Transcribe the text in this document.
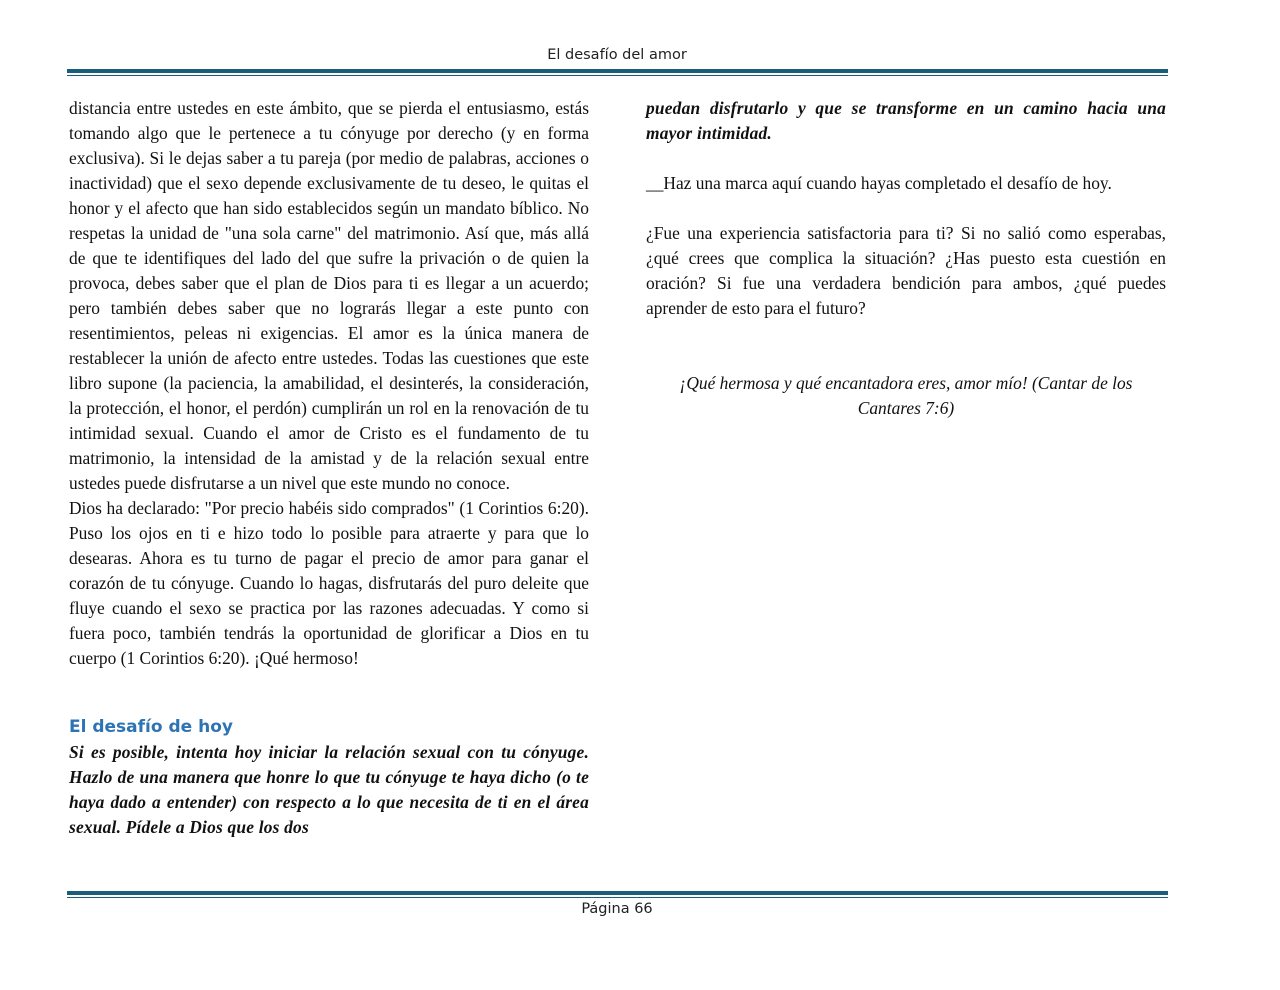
El desafío del amor

distancia entre ustedes en este ámbito, que se pierda el entusiasmo, estás tomando algo que le pertenece a tu cónyuge por derecho (y en forma exclusiva). Si le dejas saber a tu pareja (por medio de palabras, acciones o inactividad) que el sexo depende exclusivamente de tu deseo, le quitas el honor y el afecto que han sido establecidos según un mandato bíblico. No respetas la unidad de "una sola carne" del matrimonio. Así que, más allá de que te identifiques del lado del que sufre la privación o de quien la provoca, debes saber que el plan de Dios para ti es llegar a un acuerdo; pero también debes saber que no lograrás llegar a este punto con resentimientos, peleas ni exigencias. El amor es la única manera de restablecer la unión de afecto entre ustedes. Todas las cuestiones que este libro supone (la paciencia, la amabilidad, el desinterés, la consideración, la protección, el honor, el perdón) cumplirán un rol en la renovación de tu intimidad sexual. Cuando el amor de Cristo es el fundamento de tu matrimonio, la intensidad de la amistad y de la relación sexual entre ustedes puede disfrutarse a un nivel que este mundo no conoce.

Dios ha declarado: "Por precio habéis sido comprados" (1 Corintios 6:20). Puso los ojos en ti e hizo todo lo posible para atraerte y para que lo desearas. Ahora es tu turno de pagar el precio de amor para ganar el corazón de tu cónyuge. Cuando lo hagas, disfrutarás del puro deleite que fluye cuando el sexo se practica por las razones adecuadas. Y como si fuera poco, también tendrás la oportunidad de glorificar a Dios en tu cuerpo (1 Corintios 6:20). ¡Qué hermoso!

El desafío de hoy

Si es posible, intenta hoy iniciar la relación sexual con tu cónyuge. Hazlo de una manera que honre lo que tu cónyuge te haya dicho (o te haya dado a entender) con respecto a lo que necesita de ti en el área sexual. Pídele a Dios que los dos

puedan disfrutarlo y que se transforme en un camino hacia una mayor intimidad.

__Haz una marca aquí cuando hayas completado el desafío de hoy.

¿Fue una experiencia satisfactoria para ti? Si no salió como esperabas, ¿qué crees que complica la situación? ¿Has puesto esta cuestión en oración? Si fue una verdadera bendición para ambos, ¿qué puedes aprender de esto para el futuro?

¡Qué hermosa y qué encantadora eres, amor mío! (Cantar de los Cantares 7:6)

Página 66
